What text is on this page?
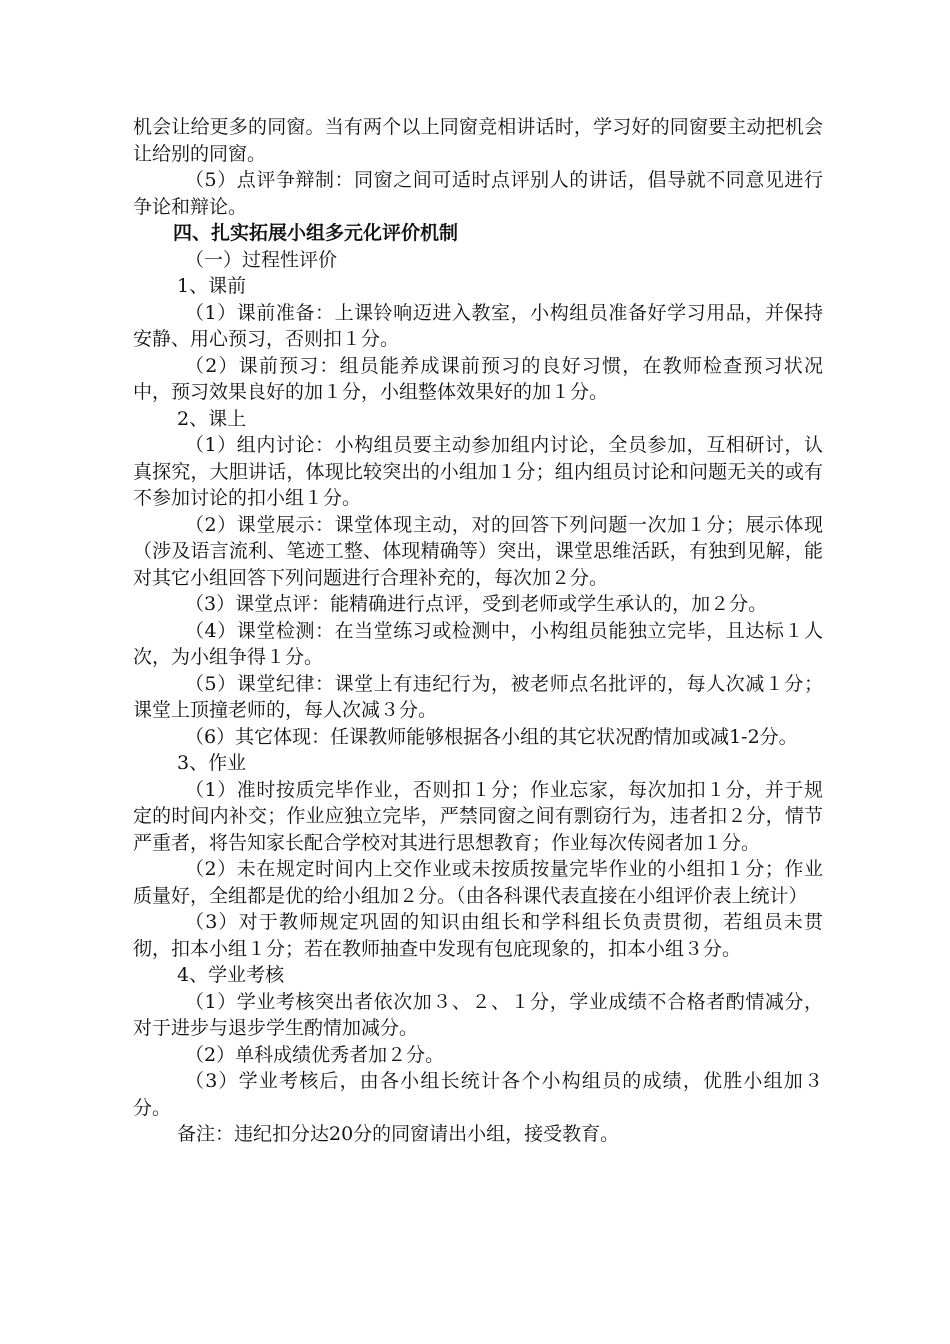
机会让给更多的同窗。当有两个以上同窗竞相讲话时，学习好的同窗要主动把机会让给别的同窗。

（5）点评争辩制：同窗之间可适时点评别人的讲话，倡导就不同意见进行争论和辩论。

四、扎实拓展小组多元化评价机制

（一）过程性评价

1、课前

（1）课前准备：上课铃响迈进入教室，小构组员准备好学习用品，并保持安静、用心预习，否则扣１分。

（2）课前预习：组员能养成课前预习的良好习惯，在教师检查预习状况中，预习效果良好的加１分，小组整体效果好的加１分。

2、课上

（1）组内讨论：小构组员要主动参加组内讨论，全员参加，互相研讨，认真探究，大胆讲话，体现比较突出的小组加１分；组内组员讨论和问题无关的或有不参加讨论的扣小组１分。

（2）课堂展示：课堂体现主动，对的回答下列问题一次加１分；展示体现（涉及语言流利、笔迹工整、体现精确等）突出，课堂思维活跃，有独到见解，能对其它小组回答下列问题进行合理补充的，每次加２分。

（3）课堂点评：能精确进行点评，受到老师或学生承认的，加２分。

（4）课堂检测：在当堂练习或检测中，小构组员能独立完毕，且达标１人次，为小组争得１分。

（5）课堂纪律：课堂上有违纪行为，被老师点名批评的，每人次减１分；课堂上顶撞老师的，每人次减３分。

（6）其它体现：任课教师能够根据各小组的其它状况酌情加或减1-2分。

3、作业

（1）准时按质完毕作业，否则扣１分；作业忘家，每次加扣１分，并于规定的时间内补交；作业应独立完毕，严禁同窗之间有剽窃行为，违者扣２分，情节严重者，将告知家长配合学校对其进行思想教育；作业每次传阅者加１分。

（2）未在规定时间内上交作业或未按质按量完毕作业的小组扣１分；作业质量好，全组都是优的给小组加２分。（由各科课代表直接在小组评价表上统计）

（3）对于教师规定巩固的知识由组长和学科组长负责贯彻，若组员未贯彻，扣本小组１分；若在教师抽查中发现有包庇现象的，扣本小组３分。

4、学业考核

（1）学业考核突出者依次加３、２、１分，学业成绩不合格者酌情减分，对于进步与退步学生酌情加减分。

（2）单科成绩优秀者加２分。

（3）学业考核后，由各小组长统计各个小构组员的成绩，优胜小组加３分。

备注：违纪扣分达20分的同窗请出小组，接受教育。
